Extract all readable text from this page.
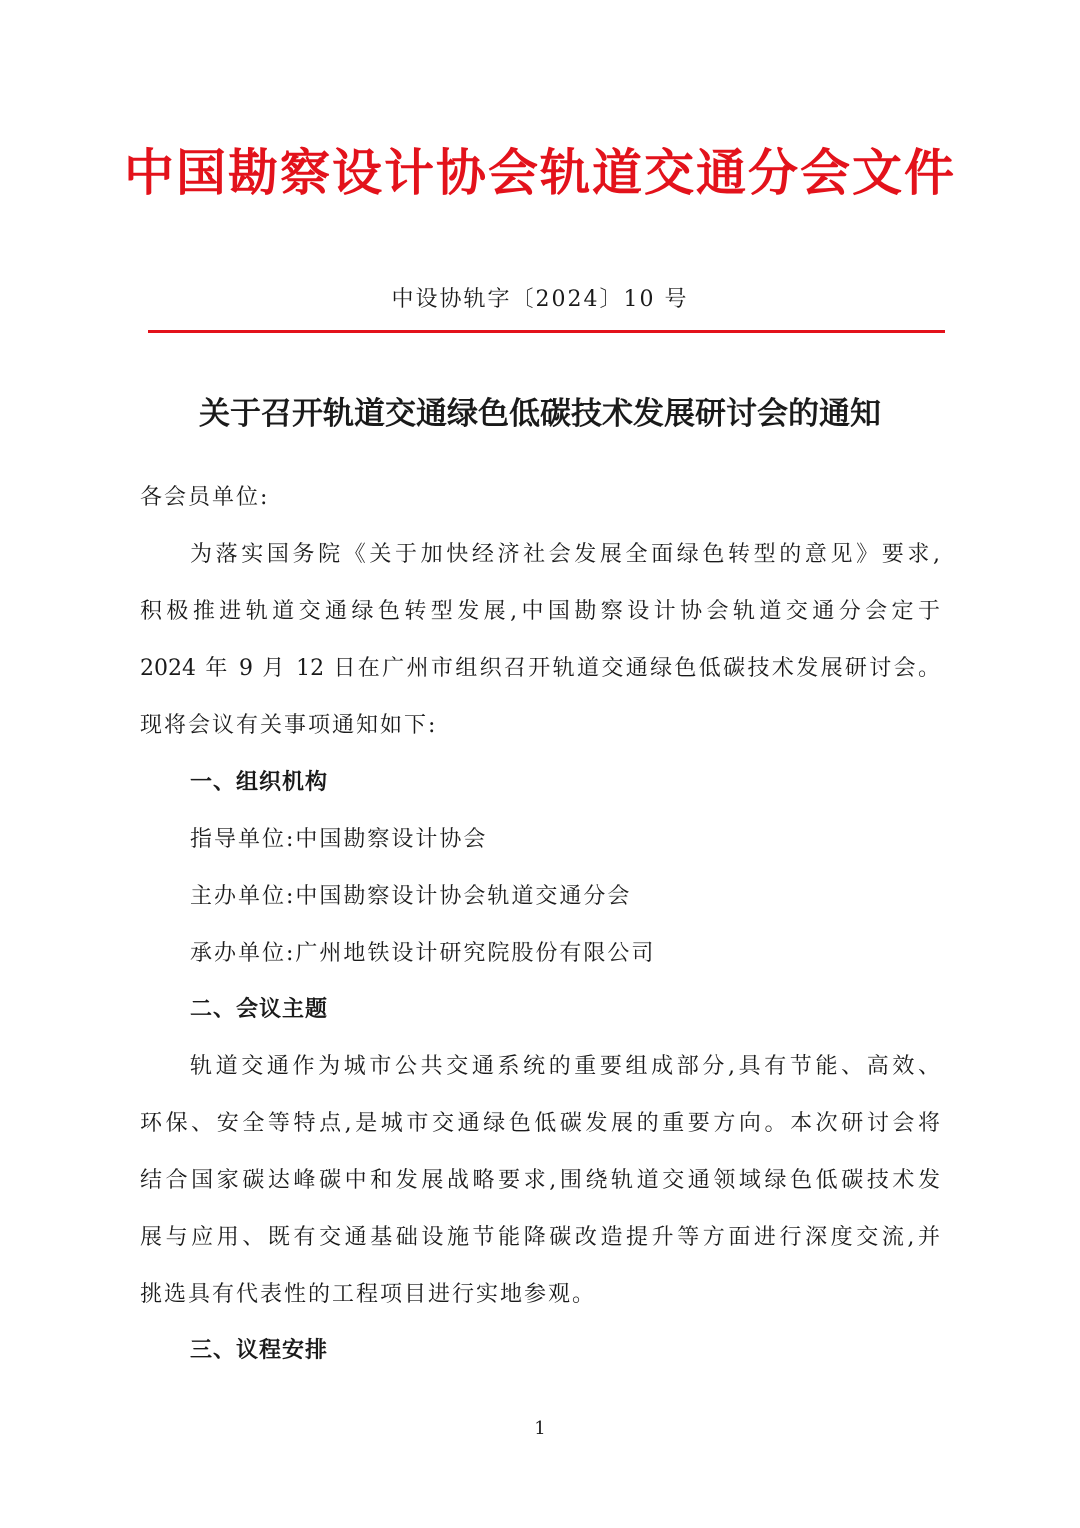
中国勘察设计协会轨道交通分会文件
中设协轨字〔2024〕10 号
关于召开轨道交通绿色低碳技术发展研讨会的通知
各会员单位:
为落实国务院《关于加快经济社会发展全面绿色转型的意见》要求,
积极推进轨道交通绿色转型发展,中国勘察设计协会轨道交通分会定于
2024 年 9 月 12 日在广州市组织召开轨道交通绿色低碳技术发展研讨会。
现将会议有关事项通知如下:
一、组织机构
指导单位:中国勘察设计协会
主办单位:中国勘察设计协会轨道交通分会
承办单位:广州地铁设计研究院股份有限公司
二、会议主题
轨道交通作为城市公共交通系统的重要组成部分,具有节能、高效、
环保、安全等特点,是城市交通绿色低碳发展的重要方向。本次研讨会将
结合国家碳达峰碳中和发展战略要求,围绕轨道交通领域绿色低碳技术发
展与应用、既有交通基础设施节能降碳改造提升等方面进行深度交流,并
挑选具有代表性的工程项目进行实地参观。
三、议程安排
1
